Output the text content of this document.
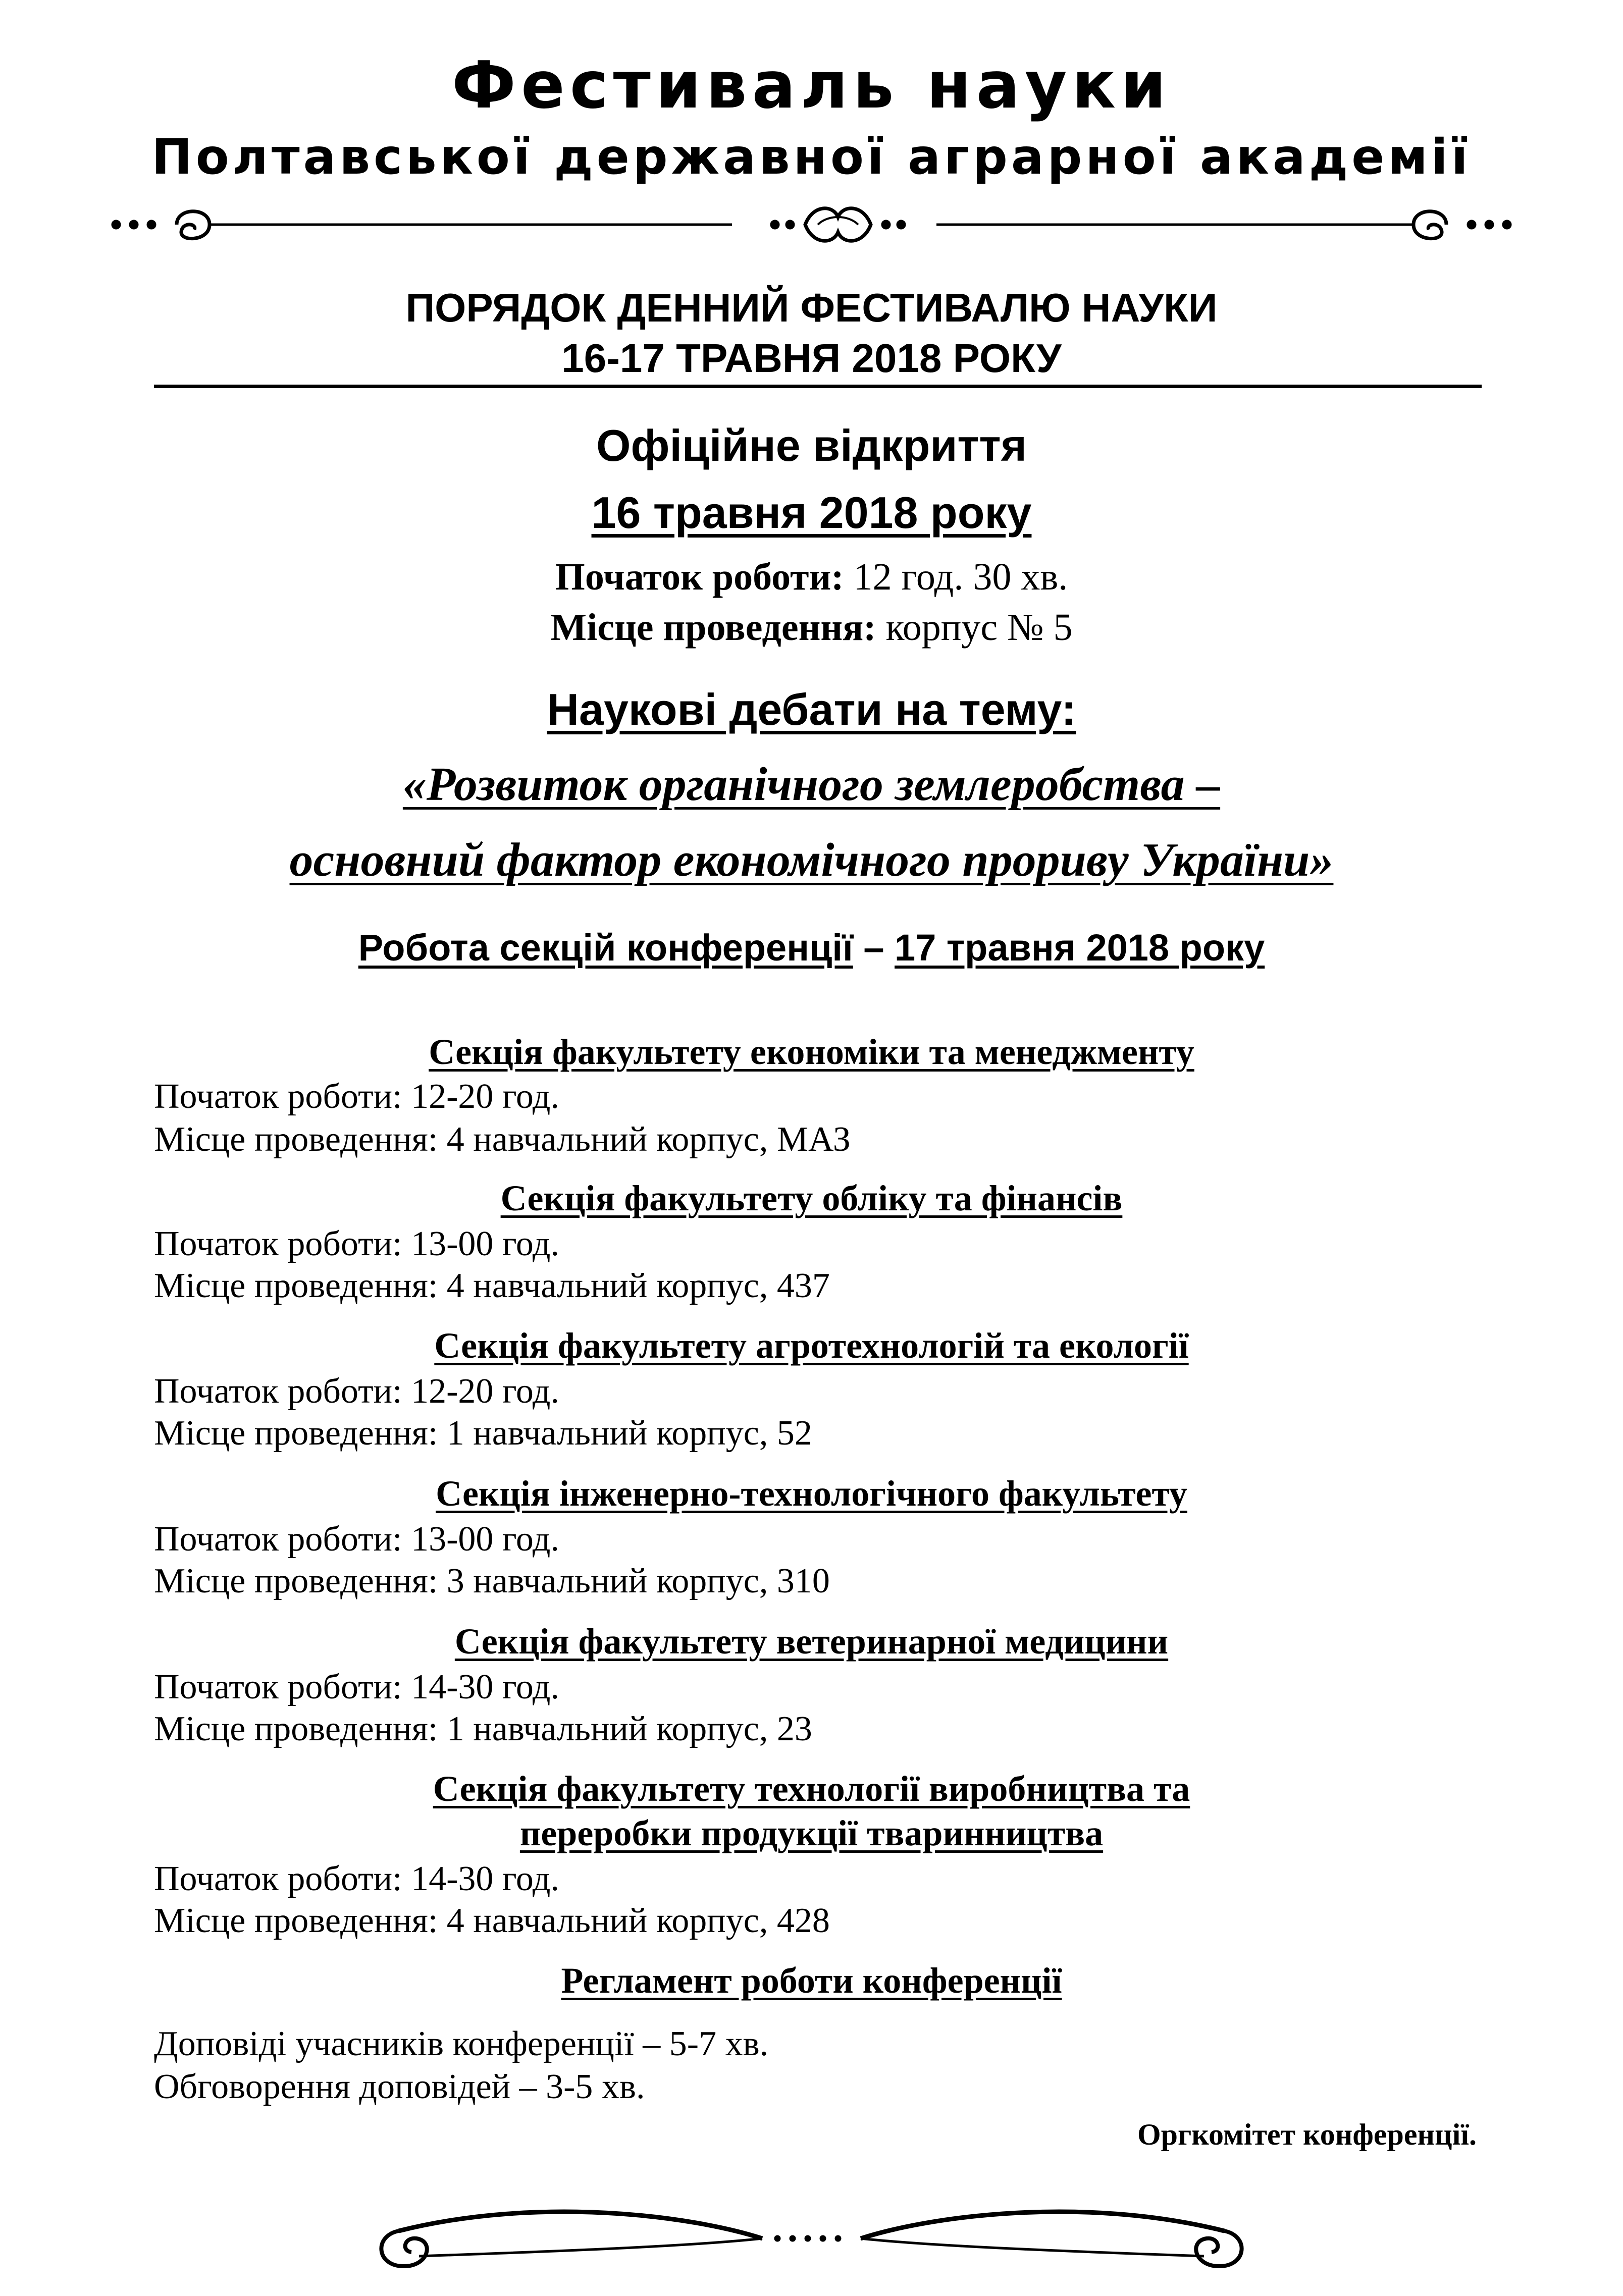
Фестиваль науки
Полтавської державної аграрної академії
ПОРЯДОК ДЕННИЙ ФЕСТИВАЛЮ НАУКИ
16-17 ТРАВНЯ 2018 РОКУ
Офіційне відкриття
16 травня 2018 року
Початок роботи: 12 год. 30 хв.
Місце проведення: корпус № 5
Наукові дебати на тему:
«Розвиток органічного землеробства –
основний фактор економічного прориву України»
Робота секцій конференції – 17 травня 2018 року
Секція факультету економіки та менеджменту
Початок роботи: 12-20 год.
Місце проведення: 4 навчальний корпус, МАЗ
Секція факультету обліку та фінансів
Початок роботи: 13-00 год.
Місце проведення: 4 навчальний корпус, 437
Секція факультету агротехнологій та екології
Початок роботи: 12-20 год.
Місце проведення: 1 навчальний корпус, 52
Секція інженерно-технологічного факультету
Початок роботи: 13-00 год.
Місце проведення: 3 навчальний корпус, 310
Секція факультету ветеринарної медицини
Початок роботи: 14-30 год.
Місце проведення: 1 навчальний корпус, 23
Секція факультету технології виробництва та
переробки продукції тваринництва
Початок роботи: 14-30 год.
Місце проведення: 4 навчальний корпус, 428
Регламент роботи конференції
Доповіді учасників конференції – 5-7 хв.
Обговорення доповідей – 3-5 хв.
Оргкомітет конференції.
